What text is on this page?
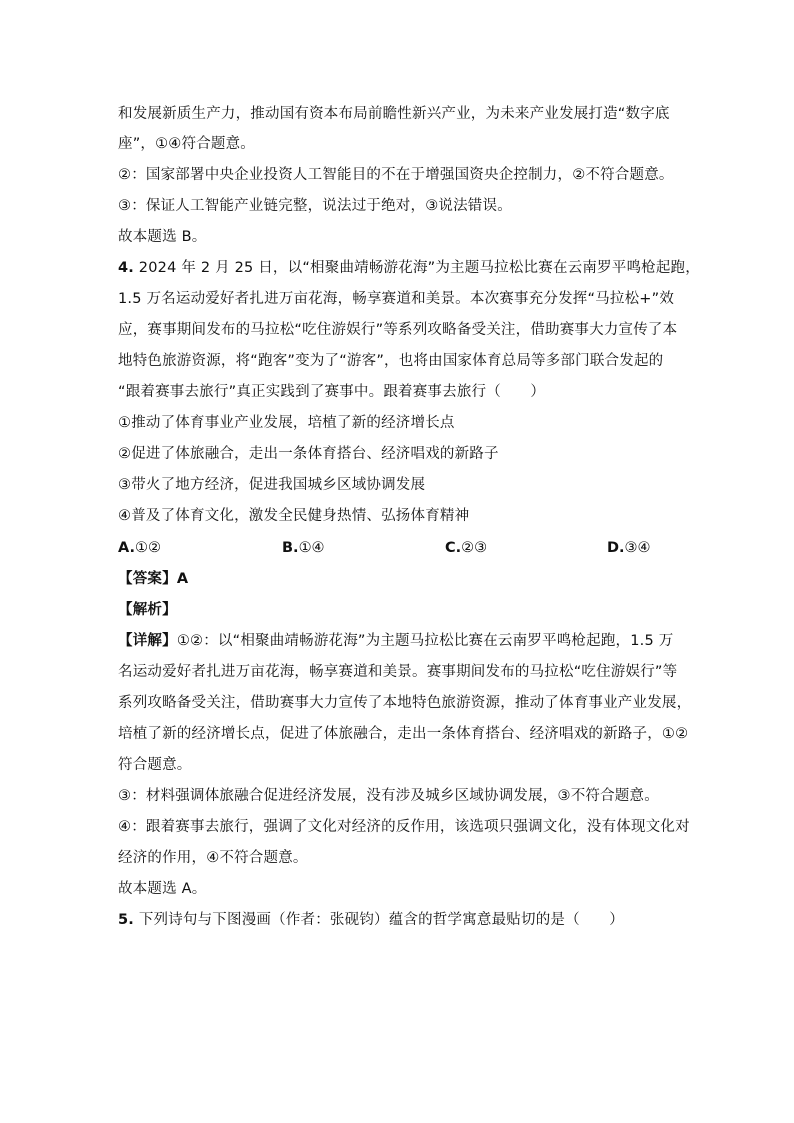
和发展新质生产力，推动国有资本布局前瞻性新兴产业，为未来产业发展打造“数字底
座”，①④符合题意。
②：国家部署中央企业投资人工智能目的不在于增强国资央企控制力，②不符合题意。
③：保证人工智能产业链完整，说法过于绝对，③说法错误。
故本题选 B。
4. 2024 年 2 月 25 日，以“相聚曲靖畅游花海”为主题马拉松比赛在云南罗平鸣枪起跑，
1.5 万名运动爱好者扎进万亩花海，畅享赛道和美景。本次赛事充分发挥“马拉松+”效
应，赛事期间发布的马拉松“吃住游娱行”等系列攻略备受关注，借助赛事大力宣传了本
地特色旅游资源，将“跑客”变为了“游客”，也将由国家体育总局等多部门联合发起的
“跟着赛事去旅行”真正实践到了赛事中。跟着赛事去旅行（　　）
①推动了体育事业产业发展，培植了新的经济增长点
②促进了体旅融合，走出一条体育搭台、经济唱戏的新路子
③带火了地方经济，促进我国城乡区域协调发展
④普及了体育文化，激发全民健身热情、弘扬体育精神
A.①②	B.①④	C.②③	D.③④
【答案】A
【解析】
【详解】①②：以“相聚曲靖畅游花海”为主题马拉松比赛在云南罗平鸣枪起跑，1.5 万
名运动爱好者扎进万亩花海，畅享赛道和美景。赛事期间发布的马拉松“吃住游娱行”等
系列攻略备受关注，借助赛事大力宣传了本地特色旅游资源，推动了体育事业产业发展，
培植了新的经济增长点，促进了体旅融合，走出一条体育搭台、经济唱戏的新路子，①②
符合题意。
③：材料强调体旅融合促进经济发展，没有涉及城乡区域协调发展，③不符合题意。
④：跟着赛事去旅行，强调了文化对经济的反作用，该选项只强调文化，没有体现文化对
经济的作用，④不符合题意。
故本题选 A。
5. 下列诗句与下图漫画（作者：张砚钧）蕴含的哲学寓意最贴切的是（　　）
